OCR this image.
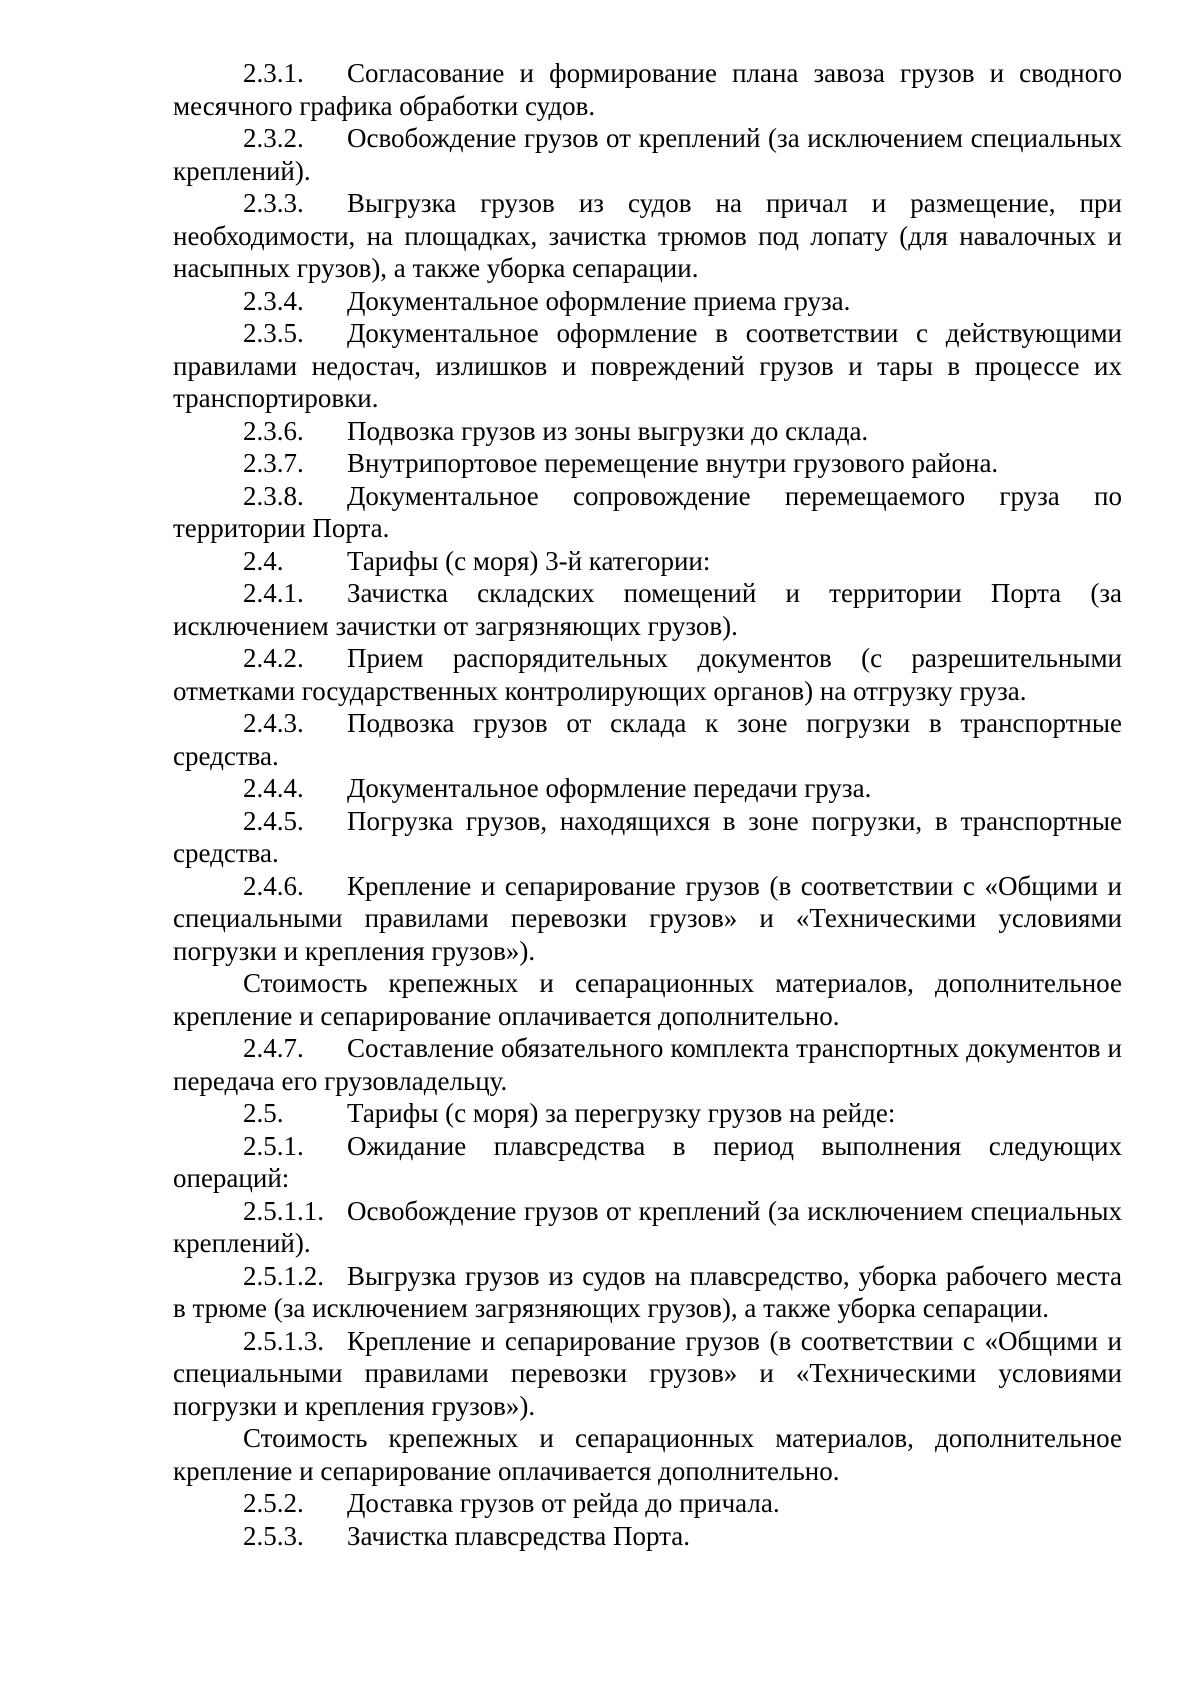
2.3.1. Согласование и формирование плана завоза грузов и сводного месячного графика обработки судов.

2.3.2. Освобождение грузов от креплений (за исключением специальных креплений).

2.3.3. Выгрузка грузов из судов на причал и размещение, при необходимости, на площадках, зачистка трюмов под лопату (для навалочных и насыпных грузов), а также уборка сепарации.

2.3.4. Документальное оформление приема груза.

2.3.5. Документальное оформление в соответствии с действующими правилами недостач, излишков и повреждений грузов и тары в процессе их транспортировки.

2.3.6. Подвозка грузов из зоны выгрузки до склада.

2.3.7. Внутрипортовое перемещение внутри грузового района.

2.3.8. Документальное сопровождение перемещаемого груза по территории Порта.

2.4. Тарифы (с моря) 3-й категории:

2.4.1. Зачистка складских помещений и территории Порта (за исключением зачистки от загрязняющих грузов).

2.4.2. Прием распорядительных документов (с разрешительными отметками государственных контролирующих органов) на отгрузку груза.

2.4.3. Подвозка грузов от склада к зоне погрузки в транспортные средства.

2.4.4. Документальное оформление передачи груза.

2.4.5. Погрузка грузов, находящихся в зоне погрузки, в транспортные средства.

2.4.6. Крепление и сепарирование грузов (в соответствии с «Общими и специальными правилами перевозки грузов» и «Техническими условиями погрузки и крепления грузов»).

Стоимость крепежных и сепарационных материалов, дополнительное крепление и сепарирование оплачивается дополнительно.

2.4.7. Составление обязательного комплекта транспортных документов и передача его грузовладельцу.

2.5. Тарифы (с моря) за перегрузку грузов на рейде:

2.5.1. Ожидание плавсредства в период выполнения следующих операций:

2.5.1.1. Освобождение грузов от креплений (за исключением специальных креплений).

2.5.1.2. Выгрузка грузов из судов на плавсредство, уборка рабочего места в трюме (за исключением загрязняющих грузов), а также уборка сепарации.

2.5.1.3. Крепление и сепарирование грузов (в соответствии с «Общими и специальными правилами перевозки грузов» и «Техническими условиями погрузки и крепления грузов»).

Стоимость крепежных и сепарационных материалов, дополнительное крепление и сепарирование оплачивается дополнительно.

2.5.2. Доставка грузов от рейда до причала.

2.5.3. Зачистка плавсредства Порта.
